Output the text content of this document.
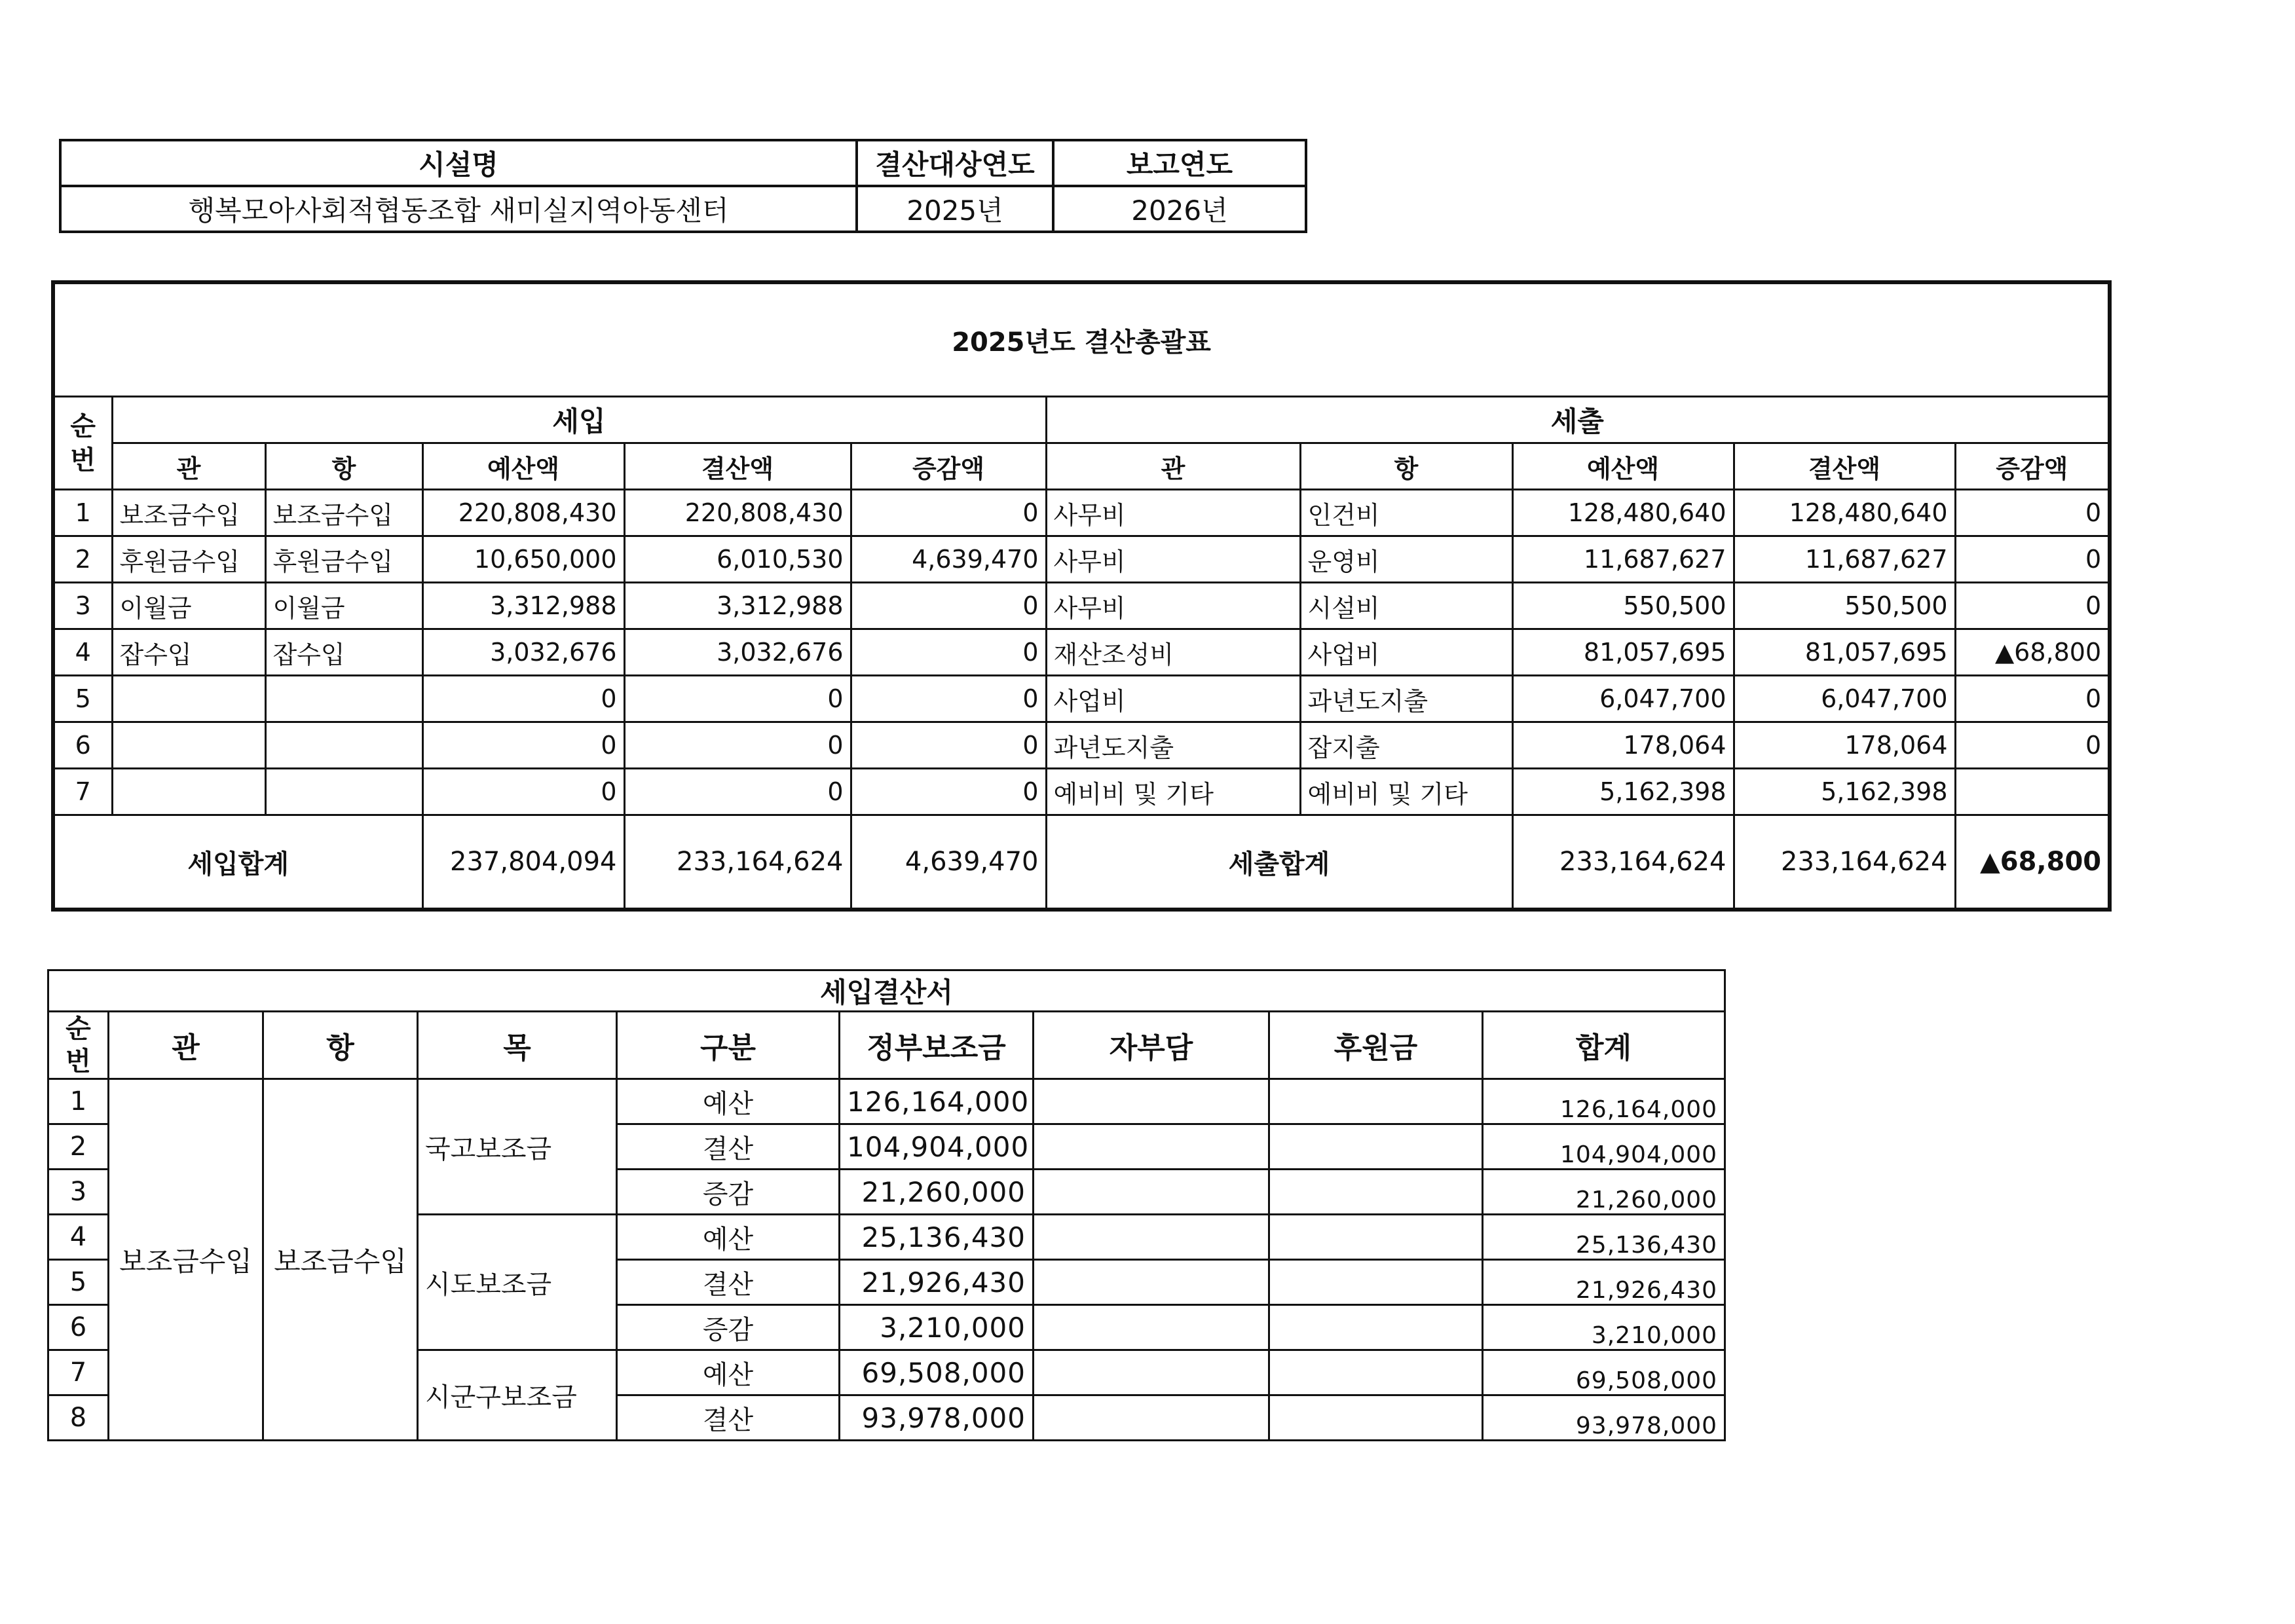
시설명	결산대상연도	보고연도
행복모아사회적협동조합 새미실지역아동센터	2025년	2026년
2025년도 결산총괄표										
순 번	세입					세출				
	관	항	예산액	결산액	증감액	관	항	예산액	결산액	증감액
1	보조금수입	보조금수입	220,808,430	220,808,430	0	사무비	인건비	128,480,640	128,480,640	0
2	후원금수입	후원금수입	10,650,000	6,010,530	4,639,470	사무비	운영비	11,687,627	11,687,627	0
3	이월금	이월금	3,312,988	3,312,988	0	사무비	시설비	550,500	550,500	0
4	잡수입	잡수입	3,032,676	3,032,676	0	재산조성비	사업비	81,057,695	81,057,695	▲68,800
5			0	0	0	사업비	과년도지출	6,047,700	6,047,700	0
6			0	0	0	과년도지출	잡지출	178,064	178,064	0
7			0	0	0	예비비 및 기타	예비비 및 기타	5,162,398	5,162,398	
세입합계			237,804,094	233,164,624	4,639,470	세출합계		233,164,624	233,164,624	▲68,800
세입결산서								
순 번	관	항	목	구분	정부보조금	자부담	후원금	합계
1	보조금수입	보조금수입	국고보조금	예산	126,164,000			126,164,000
2				결산	104,904,000			104,904,000
3				증감	21,260,000			21,260,000
4			시도보조금	예산	25,136,430			25,136,430
5				결산	21,926,430			21,926,430
6				증감	3,210,000			3,210,000
7			시군구보조금	예산	69,508,000			69,508,000
8				결산	93,978,000			93,978,000
